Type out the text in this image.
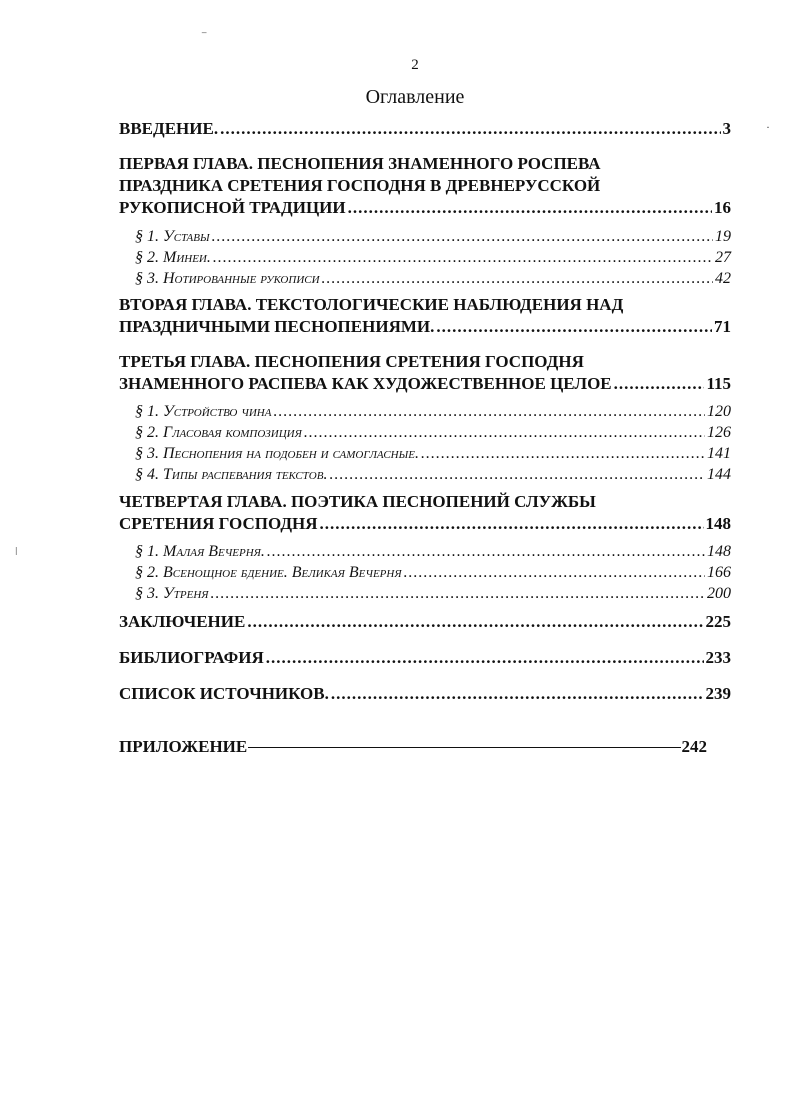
⁻
·
ǀ
2
Оглавление
ВВЕДЕНИЕ. .....	3
ПЕРВАЯ ГЛАВА. ПЕСНОПЕНИЯ ЗНАМЕННОГО РОСПЕВА
ПРАЗДНИКА СРЕТЕНИЯ ГОСПОДНЯ В ДРЕВНЕРУССКОЙ
РУКОПИСНОЙ ТРАДИЦИИ .....	16
§ 1. Уставы .....	19
§ 2. Минеи. .....	27
§ 3. Нотированные рукописи .....	42
ВТОРАЯ ГЛАВА. ТЕКСТОЛОГИЧЕСКИЕ НАБЛЮДЕНИЯ НАД
ПРАЗДНИЧНЫМИ ПЕСНОПЕНИЯМИ. .....	71
ТРЕТЬЯ ГЛАВА. ПЕСНОПЕНИЯ СРЕТЕНИЯ ГОСПОДНЯ
ЗНАМЕННОГО РАСПЕВА КАК ХУДОЖЕСТВЕННОЕ ЦЕЛОЕ .....	115
§ 1. Устройство чина .....	120
§ 2. Гласовая композиция .....	126
§ 3. Песнопения на подобен и самогласные. .....	141
§ 4. Типы распевания текстов. .....	144
ЧЕТВЕРТАЯ ГЛАВА. ПОЭТИКА ПЕСНОПЕНИЙ СЛУЖБЫ
СРЕТЕНИЯ ГОСПОДНЯ .....	148
§ 1. Малая Вечерня. .....	148
§ 2. Всенощное бдение. Великая Вечерня .....	166
§ 3. Утреня .....	200
ЗАКЛЮЧЕНИЕ .....	225
БИБЛИОГРАФИЯ .....	233
СПИСОК ИСТОЧНИКОВ. .....	239
ПРИЛОЖЕНИЕ	242
